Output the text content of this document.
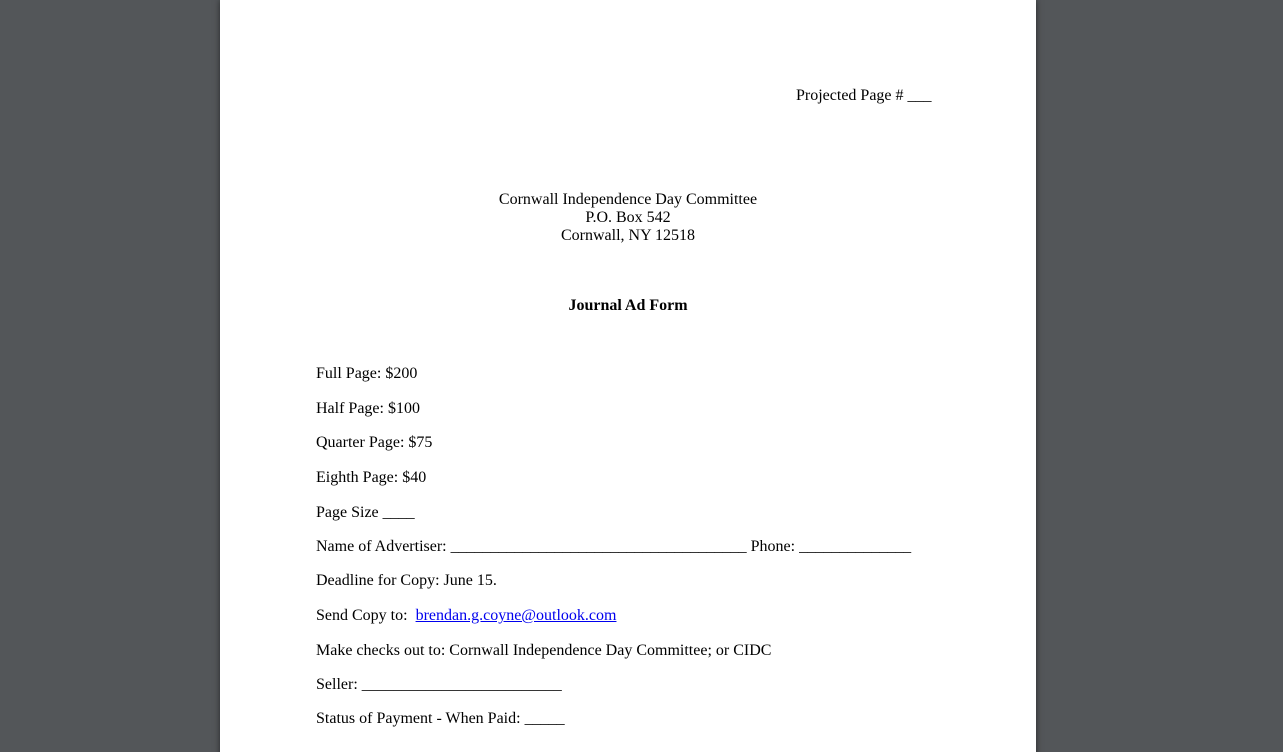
Projected Page # ___
Cornwall Independence Day Committee
P.O. Box 542
Cornwall, NY 12518
Journal Ad Form
Full Page: $200
Half Page: $100
Quarter Page: $75
Eighth Page: $40
Page Size ____
Name of Advertiser: _____________________________________ Phone: ______________
Deadline for Copy: June 15.
Send Copy to:  brendan.g.coyne@outlook.com
Make checks out to: Cornwall Independence Day Committee; or CIDC
Seller: _________________________
Status of Payment - When Paid: _____
